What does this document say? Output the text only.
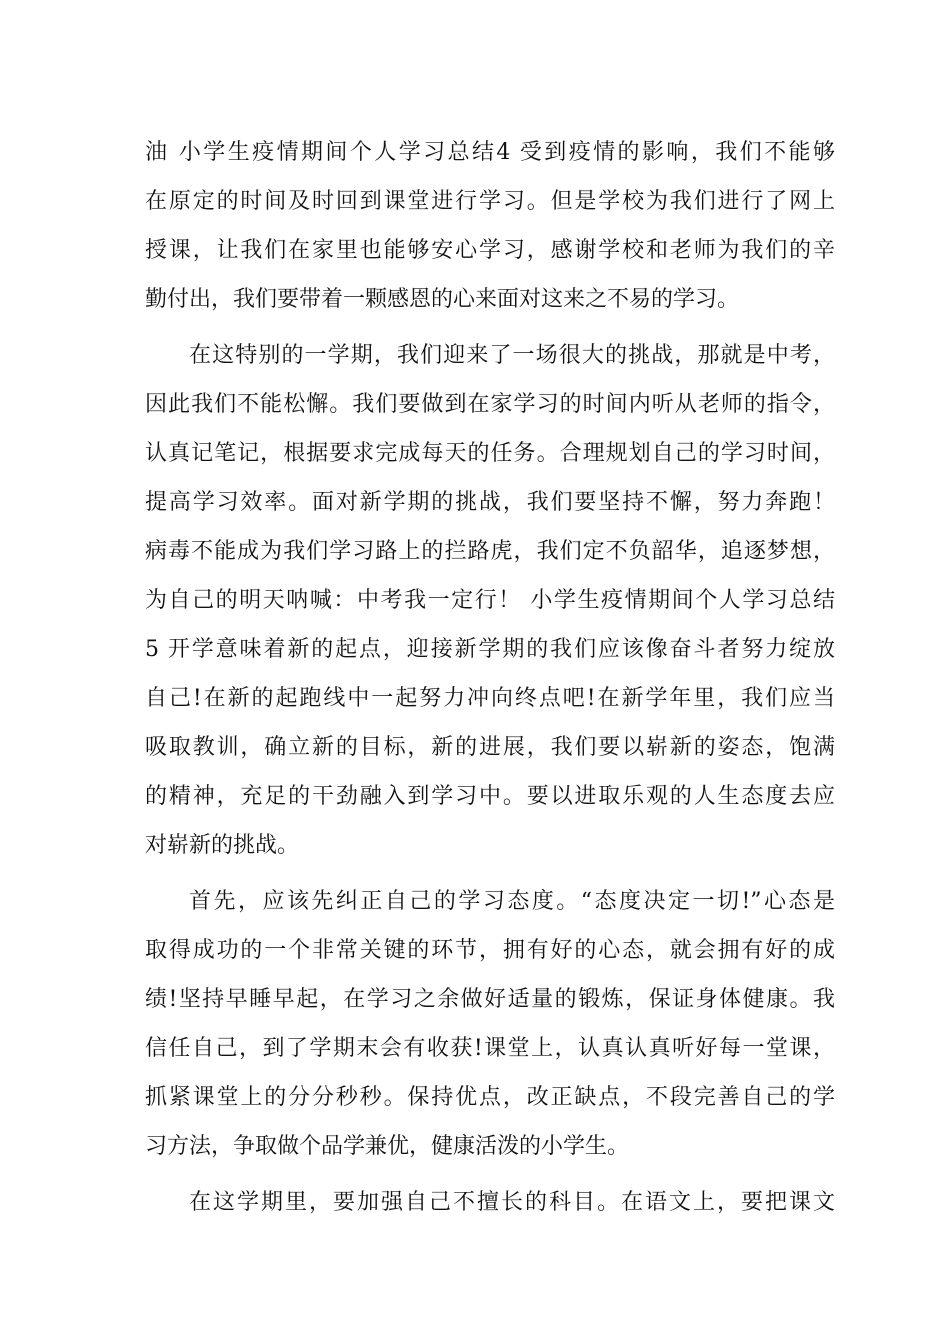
油 小学生疫情期间个人学习总结4 受到疫情的影响，我们不能够
在原定的时间及时回到课堂进行学习。但是学校为我们进行了网上
授课，让我们在家里也能够安心学习，感谢学校和老师为我们的辛
勤付出，我们要带着一颗感恩的心来面对这来之不易的学习。
在这特别的一学期，我们迎来了一场很大的挑战，那就是中考，
因此我们不能松懈。我们要做到在家学习的时间内听从老师的指令，
认真记笔记，根据要求完成每天的任务。合理规划自己的学习时间，
提高学习效率。面对新学期的挑战，我们要坚持不懈，努力奔跑！
病毒不能成为我们学习路上的拦路虎，我们定不负韶华，追逐梦想，
为自己的明天呐喊：中考我一定行！ 小学生疫情期间个人学习总结
5 开学意味着新的起点，迎接新学期的我们应该像奋斗者努力绽放
自己!在新的起跑线中一起努力冲向终点吧!在新学年里，我们应当
吸取教训，确立新的目标，新的进展，我们要以崭新的姿态，饱满
的精神，充足的干劲融入到学习中。要以进取乐观的人生态度去应
对崭新的挑战。
首先，应该先纠正自己的学习态度。“态度决定一切!”心态是
取得成功的一个非常关键的环节，拥有好的心态，就会拥有好的成
绩!坚持早睡早起，在学习之余做好适量的锻炼，保证身体健康。我
信任自己，到了学期末会有收获!课堂上，认真认真听好每一堂课，
抓紧课堂上的分分秒秒。保持优点，改正缺点，不段完善自己的学
习方法，争取做个品学兼优，健康活泼的小学生。
在这学期里，要加强自己不擅长的科目。在语文上，要把课文
